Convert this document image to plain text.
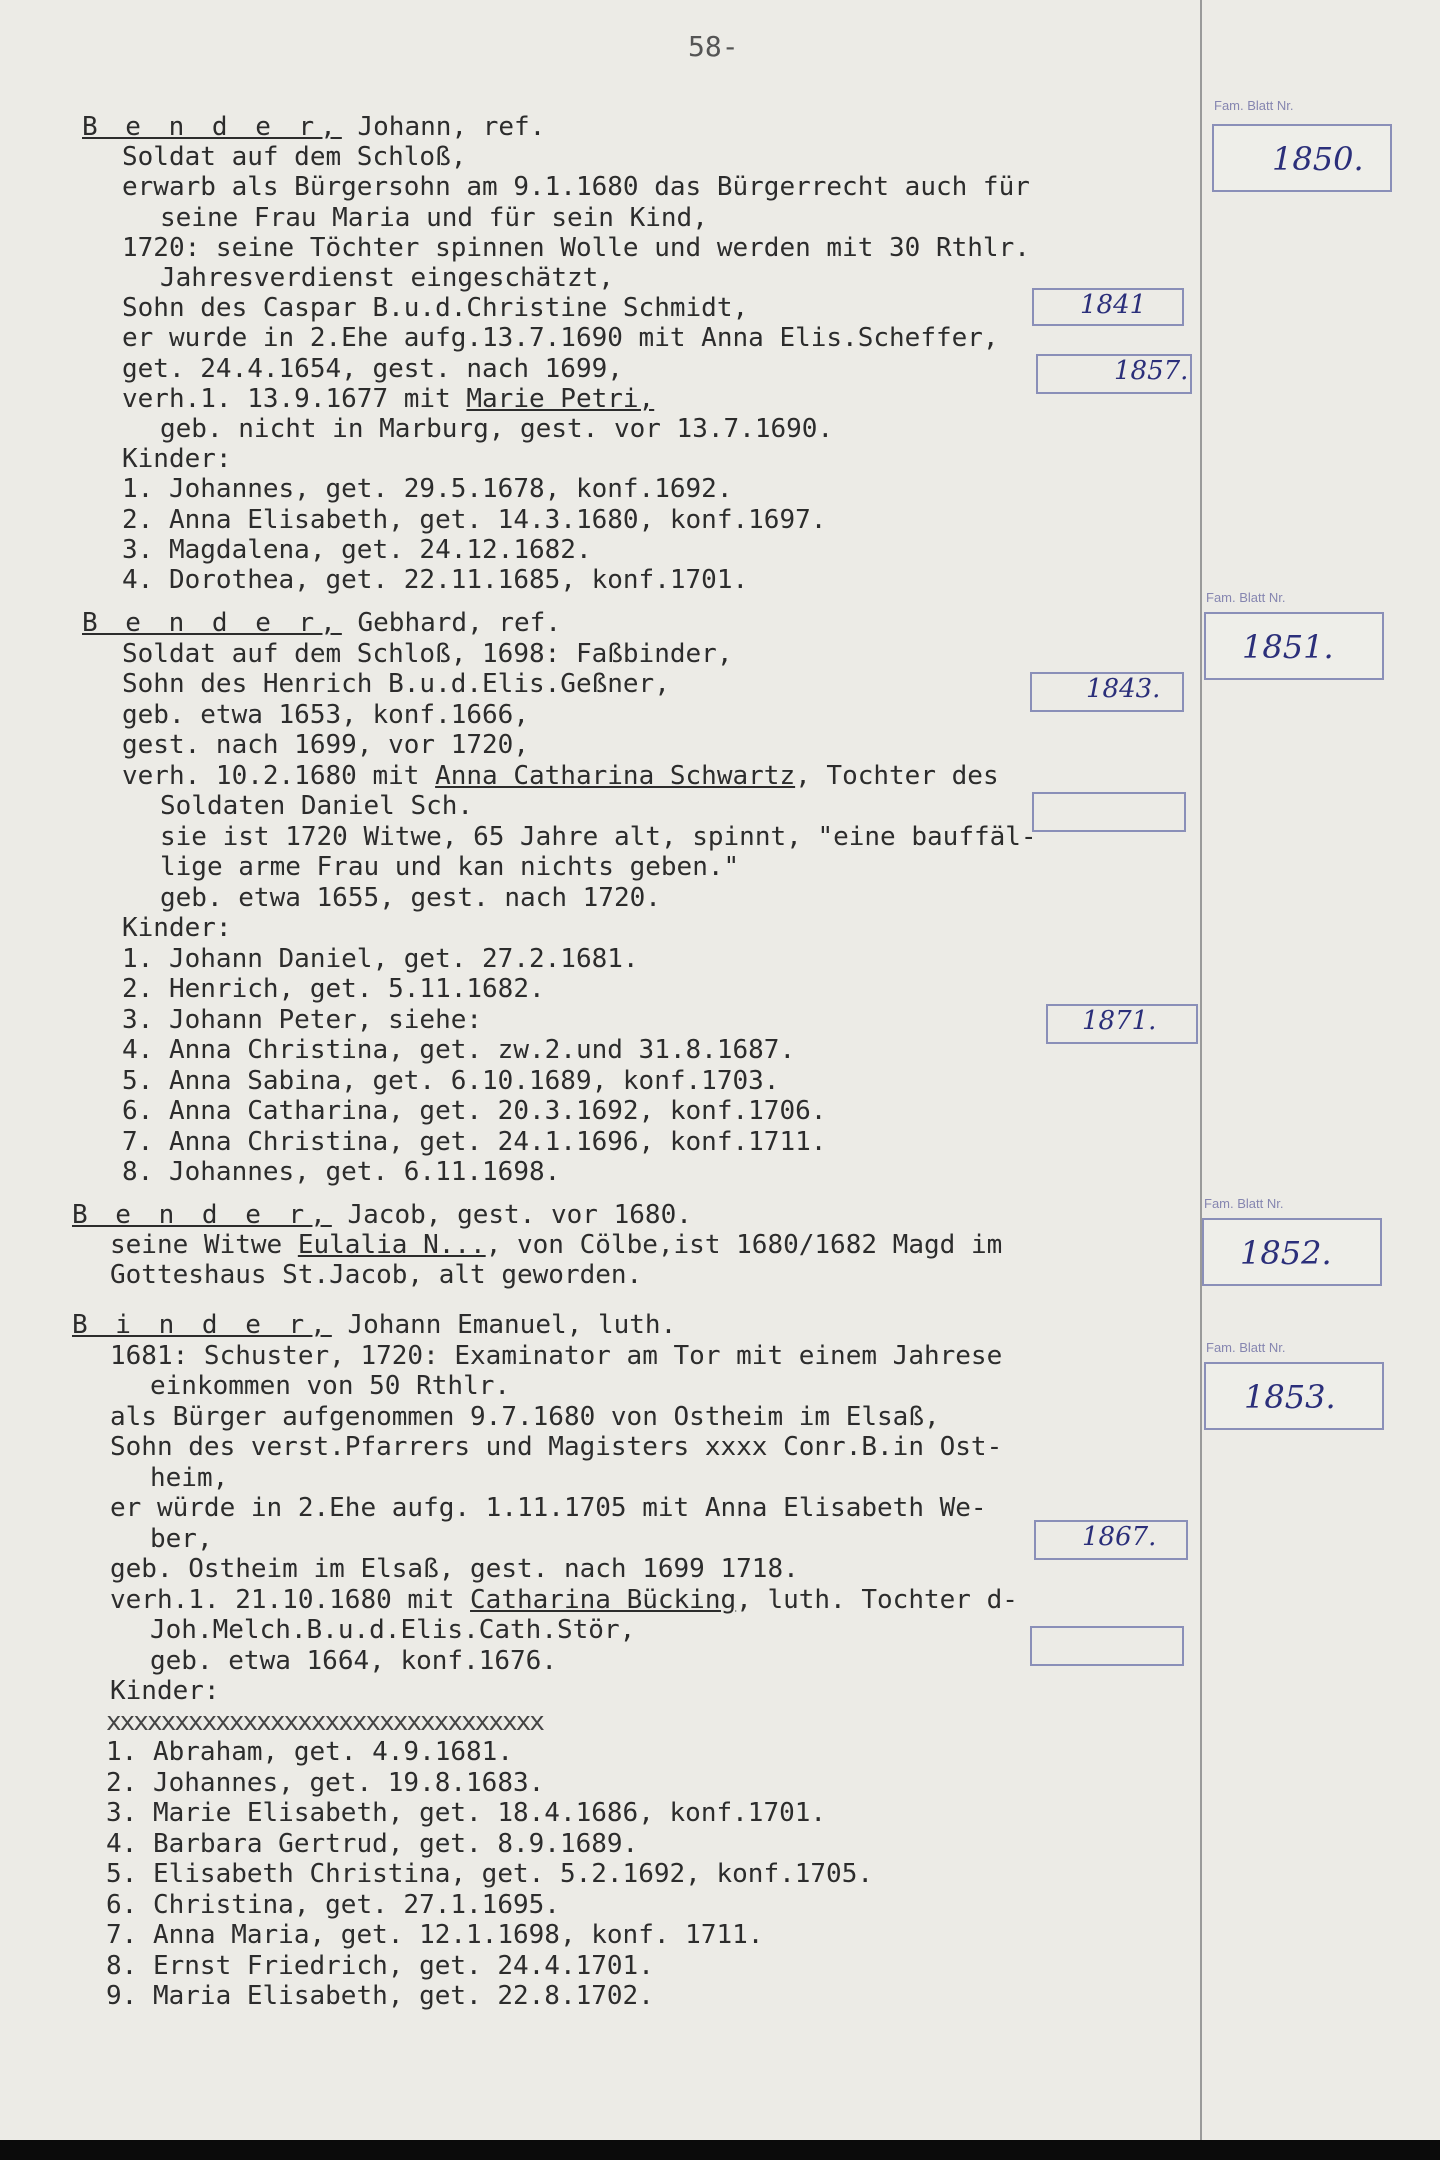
58-
B e n d e r, Johann, ref.
Soldat auf dem Schloß,
erwarb als Bürgersohn am 9.1.1680 das Bürgerrecht auch für
seine Frau Maria und für sein Kind,
1720: seine Töchter spinnen Wolle und werden mit 30 Rthlr.
Jahresverdienst eingeschätzt,
Sohn des Caspar B.u.d.Christine Schmidt,
er wurde in 2.Ehe aufg.13.7.1690 mit Anna Elis.Scheffer,
get. 24.4.1654, gest. nach 1699,
verh.1. 13.9.1677 mit Marie Petri,
geb. nicht in Marburg, gest. vor 13.7.1690.
Kinder:
1. Johannes, get. 29.5.1678, konf.1692.
2. Anna Elisabeth, get. 14.3.1680, konf.1697.
3. Magdalena, get. 24.12.1682.
4. Dorothea, get. 22.11.1685, konf.1701.
B e n d e r, Gebhard, ref.
Soldat auf dem Schloß, 1698: Faßbinder,
Sohn des Henrich B.u.d.Elis.Geßner,
geb. etwa 1653, konf.1666,
gest. nach 1699, vor 1720,
verh. 10.2.1680 mit Anna Catharina Schwartz, Tochter des
Soldaten Daniel Sch.
sie ist 1720 Witwe, 65 Jahre alt, spinnt, "eine bauffäl-
lige arme Frau und kan nichts geben."
geb. etwa 1655, gest. nach 1720.
Kinder:
1. Johann Daniel, get. 27.2.1681.
2. Henrich, get. 5.11.1682.
3. Johann Peter, siehe:
4. Anna Christina, get. zw.2.und 31.8.1687.
5. Anna Sabina, get. 6.10.1689, konf.1703.
6. Anna Catharina, get. 20.3.1692, konf.1706.
7. Anna Christina, get. 24.1.1696, konf.1711.
8. Johannes, get. 6.11.1698.
B e n d e r, Jacob, gest. vor 1680.
seine Witwe Eulalia N..., von Cölbe,ist 1680/1682 Magd im
Gotteshaus St.Jacob, alt geworden.
B i n d e r, Johann Emanuel, luth.
1681: Schuster, 1720: Examinator am Tor mit einem Jahrese
einkommen von 50 Rthlr.
als Bürger aufgenommen 9.7.1680 von Ostheim im Elsaß,
Sohn des verst.Pfarrers und Magisters xxxx Conr.B.in Ost-
heim,
er würde in 2.Ehe aufg. 1.11.1705 mit Anna Elisabeth We-
ber,
geb. Ostheim im Elsaß, gest. nach 1699 1718.
verh.1. 21.10.1680 mit Catharina Bücking, luth. Tochter d-
Joh.Melch.B.u.d.Elis.Cath.Stör,
geb. etwa 1664, konf.1676.
Kinder:
xxxxxxxxxxxxxxxxxxxxxxxxxxxxxxxx
1. Abraham, get. 4.9.1681.
2. Johannes, get. 19.8.1683.
3. Marie Elisabeth, get. 18.4.1686, konf.1701.
4. Barbara Gertrud, get. 8.9.1689.
5. Elisabeth Christina, get. 5.2.1692, konf.1705.
6. Christina, get. 27.1.1695.
7. Anna Maria, get. 12.1.1698, konf. 1711.
8. Ernst Friedrich, get. 24.4.1701.
9. Maria Elisabeth, get. 22.8.1702.
Fam. Blatt Nr.
1850.
Fam. Blatt Nr.
1851.
Fam. Blatt Nr.
1852.
Fam. Blatt Nr.
1853.
1841
1857.
1843.
1871.
1867.
